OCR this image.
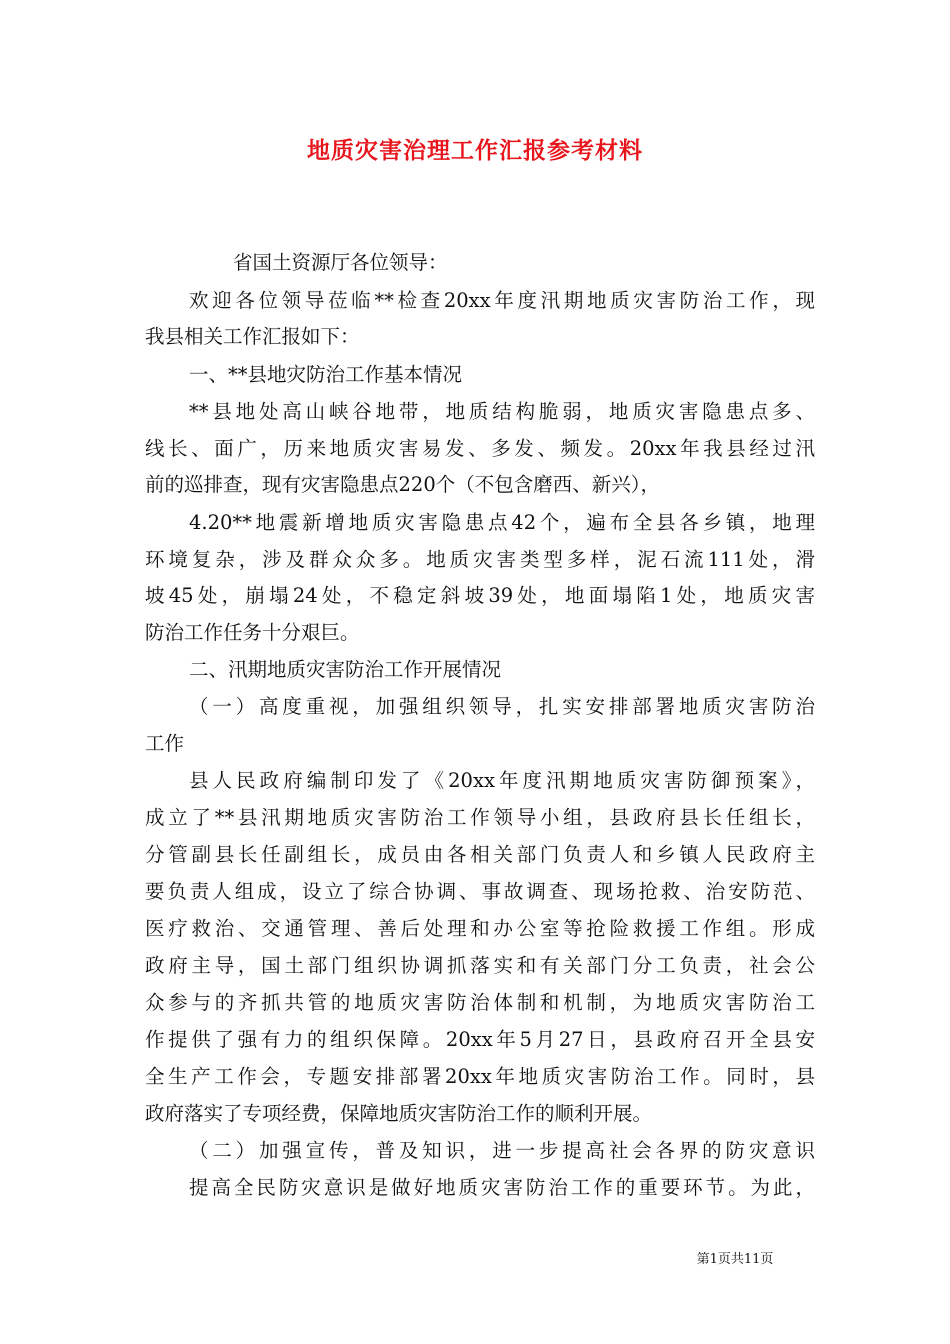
地质灾害治理工作汇报参考材料
省国土资源厅各位领导：
欢迎各位领导莅临**检查20xx年度汛期地质灾害防治工作，现
我县相关工作汇报如下：
一、**县地灾防治工作基本情况
**县地处高山峡谷地带，地质结构脆弱，地质灾害隐患点多、
线长、面广，历来地质灾害易发、多发、频发。20xx年我县经过汛
前的巡排查，现有灾害隐患点220个（不包含磨西、新兴），
4.20**地震新增地质灾害隐患点42个，遍布全县各乡镇，地理
环境复杂，涉及群众众多。地质灾害类型多样，泥石流111处，滑
坡45处，崩塌24处，不稳定斜坡39处，地面塌陷1处，地质灾害
防治工作任务十分艰巨。
二、汛期地质灾害防治工作开展情况
（一）高度重视，加强组织领导，扎实安排部署地质灾害防治
工作
县人民政府编制印发了《20xx年度汛期地质灾害防御预案》，
成立了**县汛期地质灾害防治工作领导小组，县政府县长任组长，
分管副县长任副组长，成员由各相关部门负责人和乡镇人民政府主
要负责人组成，设立了综合协调、事故调查、现场抢救、治安防范、
医疗救治、交通管理、善后处理和办公室等抢险救援工作组。形成
政府主导，国土部门组织协调抓落实和有关部门分工负责，社会公
众参与的齐抓共管的地质灾害防治体制和机制，为地质灾害防治工
作提供了强有力的组织保障。20xx年5月27日，县政府召开全县安
全生产工作会，专题安排部署20xx年地质灾害防治工作。同时，县
政府落实了专项经费，保障地质灾害防治工作的顺利开展。
（二）加强宣传，普及知识，进一步提高社会各界的防灾意识
提高全民防灾意识是做好地质灾害防治工作的重要环节。为此，
第1页共11页
